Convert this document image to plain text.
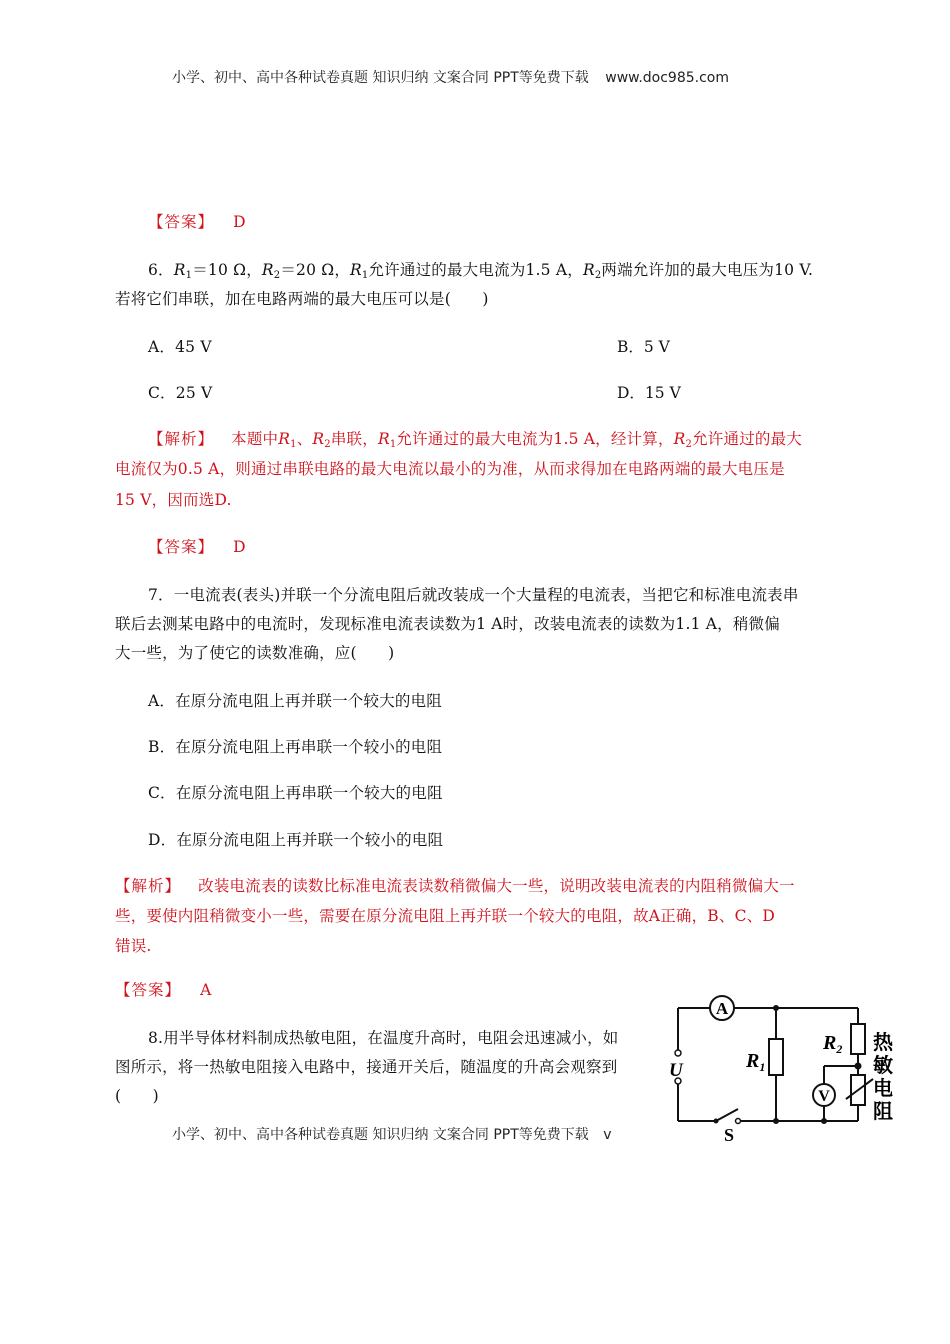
小学、初中、高中各种试卷真题 知识归纳 文案合同 PPT等免费下载 www.doc985.com
【答案】 D
6．$R_1=10$ Ω，$R_2=20$ Ω，$R_1$允许通过的最大电流为1.5 A，$R_2$两端允许加的最大电压为10 V.
若将它们串联，加在电路两端的最大电压可以是(　　)
A．45 V	B．5 V
C．25 V	D．15 V
【解析】 本题中$R_1$、$R_2$串联，$R_1$允许通过的最大电流为1.5 A，经计算，$R_2$允许通过的最大
电流仅为0.5 A，则通过串联电路的最大电流以最小的为准，从而求得加在电路两端的最大电压是
15 V，因而选D.
【答案】 D
7．一电流表(表头)并联一个分流电阻后就改装成一个大量程的电流表，当把它和标准电流表串
联后去测某电路中的电流时，发现标准电流表读数为1 A时，改装电流表的读数为1.1 A，稍微偏
大一些，为了使它的读数准确，应(　　)
A．在原分流电阻上再并联一个较大的电阻
B．在原分流电阻上再串联一个较小的电阻
C．在原分流电阻上再串联一个较大的电阻
D．在原分流电阻上再并联一个较小的电阻
【解析】 改装电流表的读数比标准电流表读数稍微偏大一些，说明改装电流表的内阻稍微偏大一
些，要使内阻稍微变小一些，需要在原分流电阻上再并联一个较大的电阻，故A正确，B、C、D
错误.
【答案】 A
8.用半导体材料制成热敏电阻，在温度升高时，电阻会迅速减小，如
图所示，将一热敏电阻接入电路中，接通开关后，随温度的升高会观察到
(　　)
小学、初中、高中各种试卷真题 知识归纳 文案合同 PPT等免费下载 v
A
V
$R_1$
$R_2$
U
S
热
敏
电
阻
